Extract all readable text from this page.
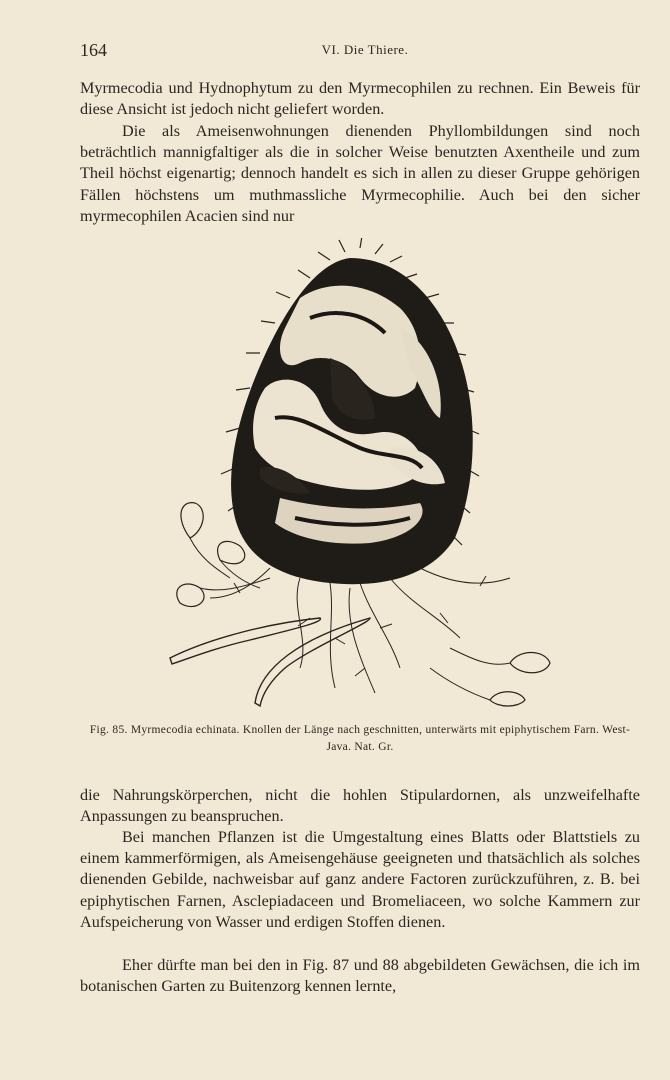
164	VI. Die Thiere.

Myrmecodia und Hydnophytum zu den Myrmecophilen zu rechnen. Ein Beweis für diese Ansicht ist jedoch nicht geliefert worden.

Die als Ameisenwohnungen dienenden Phyllombildungen sind noch beträchtlich mannigfaltiger als die in solcher Weise benutzten Axentheile und zum Theil höchst eigenartig; dennoch handelt es sich in allen zu dieser Gruppe gehörigen Fällen höchstens um muthmassliche Myrmecophilie. Auch bei den sicher myrmecophilen Acacien sind nur

Fig. 85. Myrmecodia echinata. Knollen der Länge nach geschnitten, unterwärts mit epiphytischem Farn. West-Java. Nat. Gr.

die Nahrungskörperchen, nicht die hohlen Stipulardornen, als unzweifelhafte Anpassungen zu beanspruchen.

Bei manchen Pflanzen ist die Umgestaltung eines Blatts oder Blattstiels zu einem kammerförmigen, als Ameisengehäuse geeigneten und thatsächlich als solches dienenden Gebilde, nachweisbar auf ganz andere Factoren zurückzuführen, z. B. bei epiphytischen Farnen, Asclepiadaceen und Bromeliaceen, wo solche Kammern zur Aufspeicherung von Wasser und erdigen Stoffen dienen.

Eher dürfte man bei den in Fig. 87 und 88 abgebildeten Gewächsen, die ich im botanischen Garten zu Buitenzorg kennen lernte,
